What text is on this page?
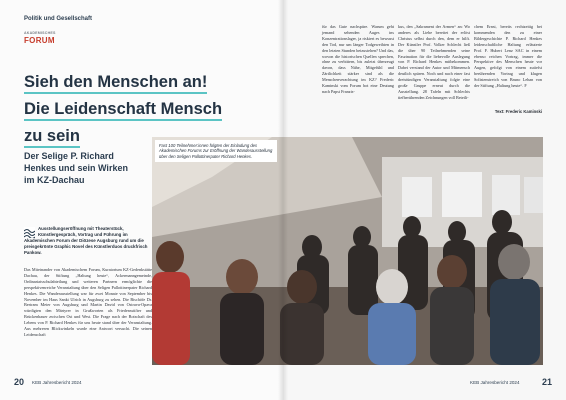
Politik und Gesellschaft
AKADEMISCHES
FORUM
Sieh den Menschen an!
Die Leidenschaft Mensch
zu sein
Der Selige P. Richard Henkes und sein Wirken im KZ-Dachau
Ausstellungseröffnung mit Theaterstück, Künstlergespräch, Vortrag und Führung im Akademischen Forum der Diözese Augsburg rund um die preisgekrönte Graphic Novel des Künstlerduos druckfrisch Pankow.
Das Miteinander von Akademischem Forum, Kuratorium KZ-Gedenkstätte Dachau, der Stiftung „Haltung heute“, Ackermanngemeinde, Ordinariatsschulabteilung und weiteren Partnern ermöglichte die perspektivenreiche Veranstaltung über den Seligen Pallottinerpater Richard Henkes. Die Wanderausstellung war für zwei Monate von September bis November im Haus Sankt Ulrich in Augsburg zu sehen. Die Bischöfe Dr. Bertram Meier von Augsburg und Martin David von Ostrava-Opava würdigten den Märtyrer in Grußworten als Friedensstifter und Brückenbauer zwischen Ost und West. Die Frage nach der Botschaft des Lebens von P. Richard Henkes für uns heute stand über der Veranstaltung. Aus mehreren Blickwinkeln wurde eine Antwort versucht. Die seinen Leidenschaft
20 KEB Jahresbericht 2024
für das Gute nachspüre. Warum geht jemand sehenden Auges ins Konzentrationslager, ja riskiert es bewusst den Tod, nur um länger Todgeweihten in den letzten Stunden beizustehen? Und das, wovon die historischen Quellen sprechen, ohne zu verbittern, bis zuletzt überzeugt davon, dass Nähe, Mitgefühl und Zärtlichkeit stärker sind als die Menschenverachtung im KZ? Frederic Kaminski vom Forum bot eine Deutung nach Papst Franzis-
kus, den „Sakrament der Armen“ an: Wo anderes als Liebe bereitet der erlöst Christus selbst durch den, dem er hilft. Der Künstler Prof. Volker Schlecht ließ die über 90 Teilnehmenden seine Faszination für die liebevolle Auslegung von P. Richard Henkes mitbekommen. Dabei verstand der Autor und Mitmensch deutlich spüren. Noch und nach einer fast dreistündigen Veranstaltung folgte eine große Gruppe erneut durch die Ausstellung. 28 Tafeln mit Schlechts tiefberührenden Zeichnungen voll Beteili-
chem Ernst, bereits rechtzeitig bei kommenden den zu einer Bildergeschichte P. Richard Henkes leidenschaftliche Haltung erläuterte Prof. F. Hubert Lenz SAC in einem ebenso reichen Vortrag, immer die Perspektive des Menschen heute vor Augen, gefolgt von einem zutiefst berührenden Vortrag und klugen Solistenstreich von Bruno Lehan von der Stiftung „Haltung heute“. F
Text: Frederic Kaminski
Fast 100 Teilnehmer:innen folgten der Einladung des Akademischen Forums zur Eröffnung der Wanderausstellung über den Seligen Pallottinerpater Richard Henkes.
KEB Jahresbericht 2024 21
